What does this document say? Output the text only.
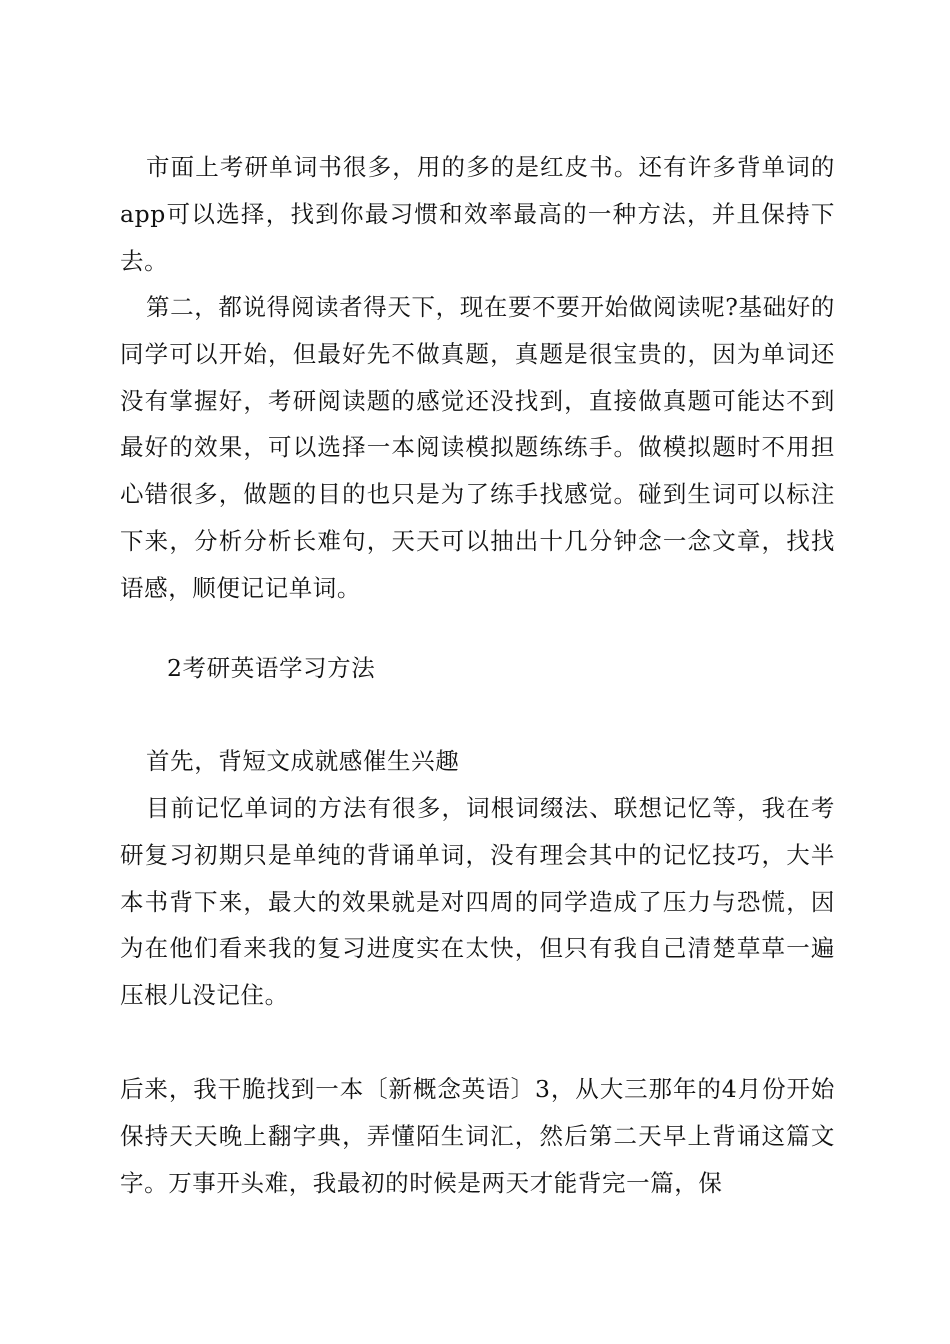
市面上考研单词书很多，用的多的是红皮书。还有许多背单词的app可以选择，找到你最习惯和效率最高的一种方法，并且保持下去。

第二，都说得阅读者得天下，现在要不要开始做阅读呢?基础好的同学可以开始，但最好先不做真题，真题是很宝贵的，因为单词还没有掌握好，考研阅读题的感觉还没找到，直接做真题可能达不到最好的效果，可以选择一本阅读模拟题练练手。做模拟题时不用担心错很多，做题的目的也只是为了练手找感觉。碰到生词可以标注下来，分析分析长难句，天天可以抽出十几分钟念一念文章，找找语感，顺便记记单词。

2考研英语学习方法

首先，背短文成就感催生兴趣

目前记忆单词的方法有很多，词根词缀法、联想记忆等，我在考研复习初期只是单纯的背诵单词，没有理会其中的记忆技巧，大半本书背下来，最大的效果就是对四周的同学造成了压力与恐慌，因为在他们看来我的复习进度实在太快，但只有我自己清楚草草一遍压根儿没记住。

后来，我干脆找到一本〔新概念英语〕3，从大三那年的4月份开始保持天天晚上翻字典，弄懂陌生词汇，然后第二天早上背诵这篇文字。万事开头难，我最初的时候是两天才能背完一篇，保
